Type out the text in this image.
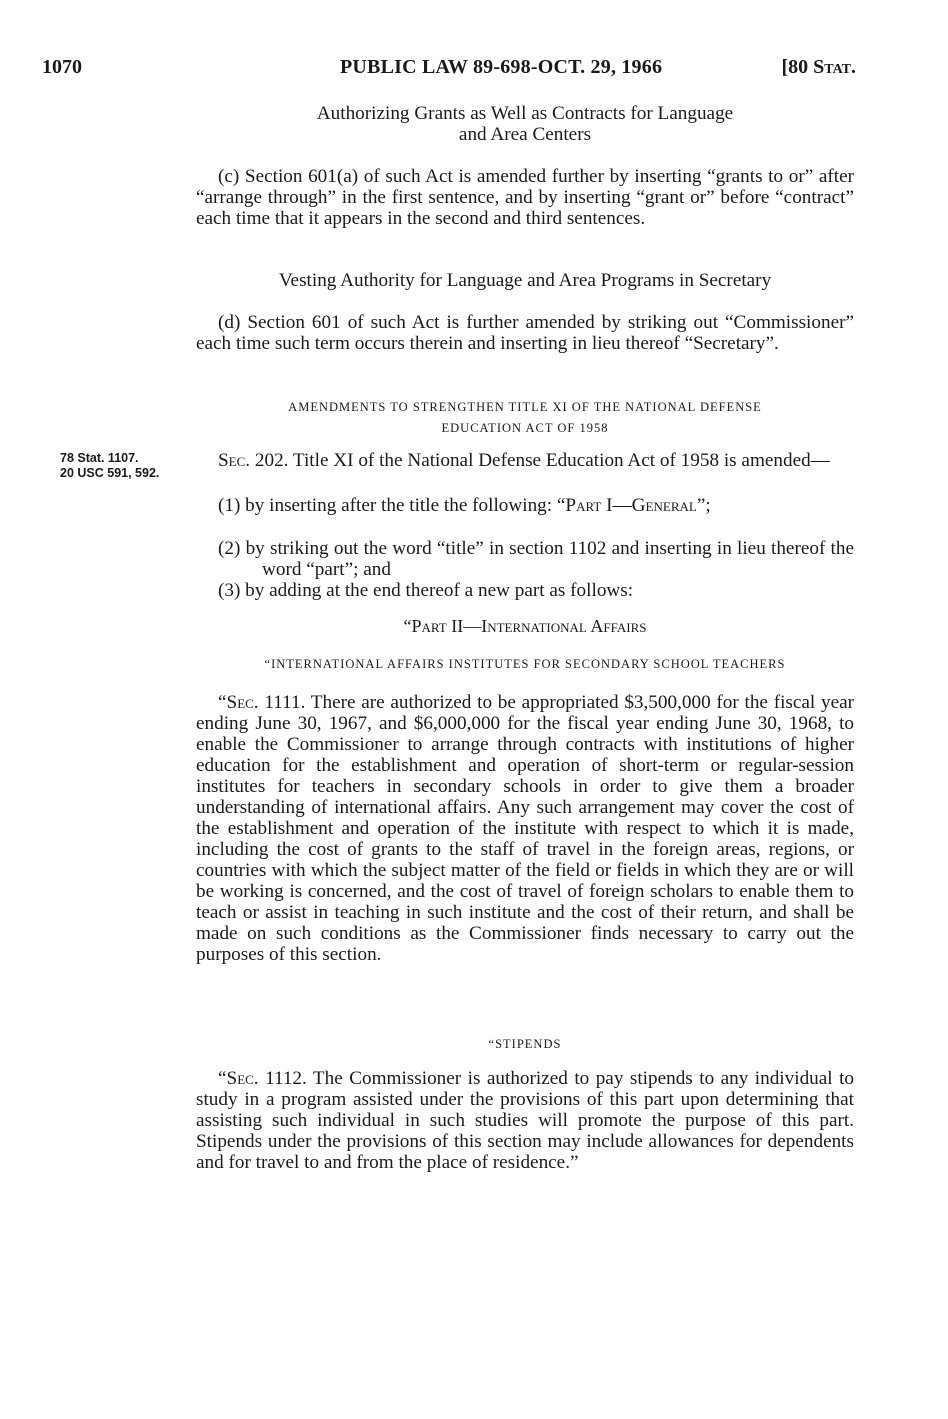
1070	PUBLIC LAW 89-698-OCT. 29, 1966	[80 Stat.
Authorizing Grants as Well as Contracts for Language and Area Centers
(c) Section 601(a) of such Act is amended further by inserting “grants to or” after “arrange through” in the first sentence, and by inserting “grant or” before “contract” each time that it appears in the second and third sentences.
Vesting Authority for Language and Area Programs in Secretary
(d) Section 601 of such Act is further amended by striking out “Commissioner” each time such term occurs therein and inserting in lieu thereof “Secretary”.
AMENDMENTS TO STRENGTHEN TITLE XI OF THE NATIONAL DEFENSE EDUCATION ACT OF 1958
78 Stat. 1107.
20 USC 591, 592.
Sec. 202. Title XI of the National Defense Education Act of 1958 is amended—
(1) by inserting after the title the following: “Part I—General”;
(2) by striking out the word “title” in section 1102 and inserting in lieu thereof the word “part”; and
(3) by adding at the end thereof a new part as follows:
“Part II—International Affairs
“INTERNATIONAL AFFAIRS INSTITUTES FOR SECONDARY SCHOOL TEACHERS
“Sec. 1111. There are authorized to be appropriated $3,500,000 for the fiscal year ending June 30, 1967, and $6,000,000 for the fiscal year ending June 30, 1968, to enable the Commissioner to arrange through contracts with institutions of higher education for the establishment and operation of short-term or regular-session institutes for teachers in secondary schools in order to give them a broader understanding of international affairs. Any such arrangement may cover the cost of the establishment and operation of the institute with respect to which it is made, including the cost of grants to the staff of travel in the foreign areas, regions, or countries with which the subject matter of the field or fields in which they are or will be working is concerned, and the cost of travel of foreign scholars to enable them to teach or assist in teaching in such institute and the cost of their return, and shall be made on such conditions as the Commissioner finds necessary to carry out the purposes of this section.
“STIPENDS
“Sec. 1112. The Commissioner is authorized to pay stipends to any individual to study in a program assisted under the provisions of this part upon determining that assisting such individual in such studies will promote the purpose of this part. Stipends under the provisions of this section may include allowances for dependents and for travel to and from the place of residence.”
